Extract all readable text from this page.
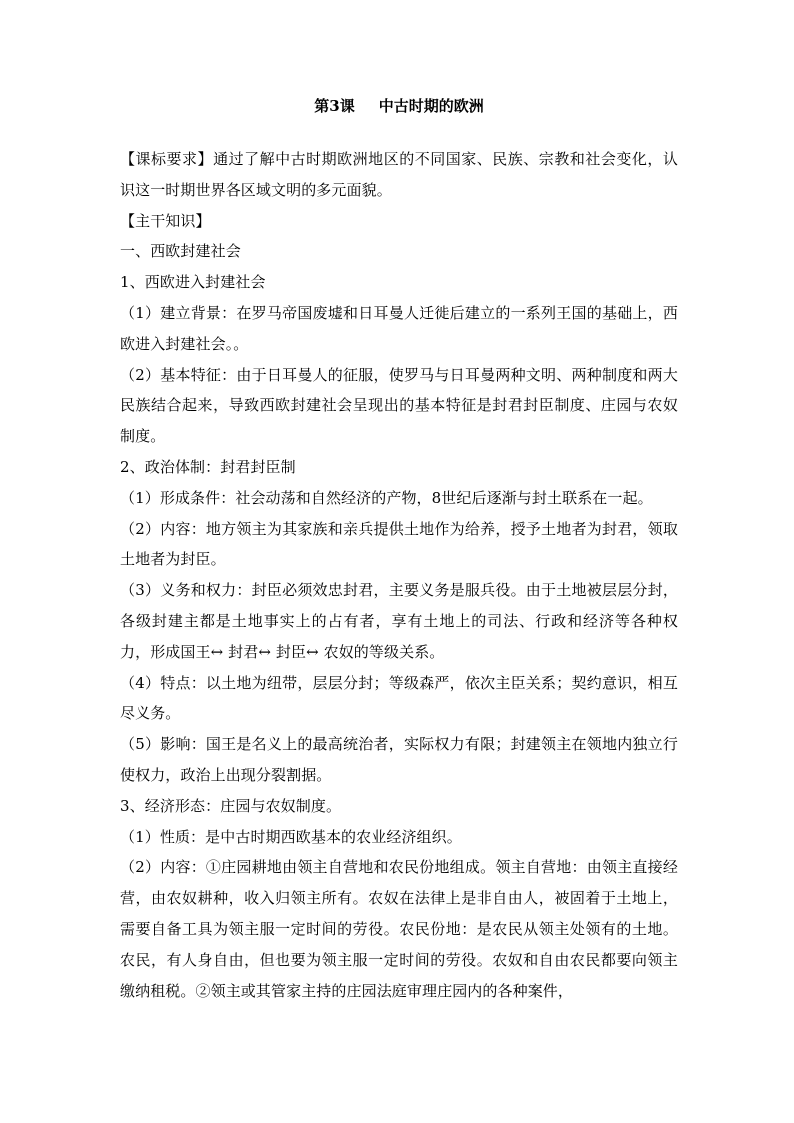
第3课 中古时期的欧洲

【课标要求】通过了解中古时期欧洲地区的不同国家、民族、宗教和社会变化，认识这一时期世界各区域文明的多元面貌。

【主干知识】

一、西欧封建社会

1、西欧进入封建社会

（1）建立背景：在罗马帝国废墟和日耳曼人迁徙后建立的一系列王国的基础上，西欧进入封建社会。。

（2）基本特征：由于日耳曼人的征服，使罗马与日耳曼两种文明、两种制度和两大民族结合起来，导致西欧封建社会呈现出的基本特征是封君封臣制度、庄园与农奴制度。

2、政治体制：封君封臣制

（1）形成条件：社会动荡和自然经济的产物，8世纪后逐渐与封土联系在一起。

（2）内容：地方领主为其家族和亲兵提供土地作为给养，授予土地者为封君，领取土地者为封臣。

（3）义务和权力：封臣必须效忠封君，主要义务是服兵役。由于土地被层层分封，各级封建主都是土地事实上的占有者，享有土地上的司法、行政和经济等各种权力，形成国王↔ 封君↔ 封臣↔ 农奴的等级关系。

（4）特点：以土地为纽带，层层分封；等级森严，依次主臣关系；契约意识，相互尽义务。

（5）影响：国王是名义上的最高统治者，实际权力有限；封建领主在领地内独立行使权力，政治上出现分裂割据。

3、经济形态：庄园与农奴制度。

（1）性质：是中古时期西欧基本的农业经济组织。

（2）内容：①庄园耕地由领主自营地和农民份地组成。领主自营地：由领主直接经营，由农奴耕种，收入归领主所有。农奴在法律上是非自由人，被固着于土地上，需要自备工具为领主服一定时间的劳役。农民份地：是农民从领主处领有的土地。农民，有人身自由，但也要为领主服一定时间的劳役。农奴和自由农民都要向领主缴纳租税。②领主或其管家主持的庄园法庭审理庄园内的各种案件，
